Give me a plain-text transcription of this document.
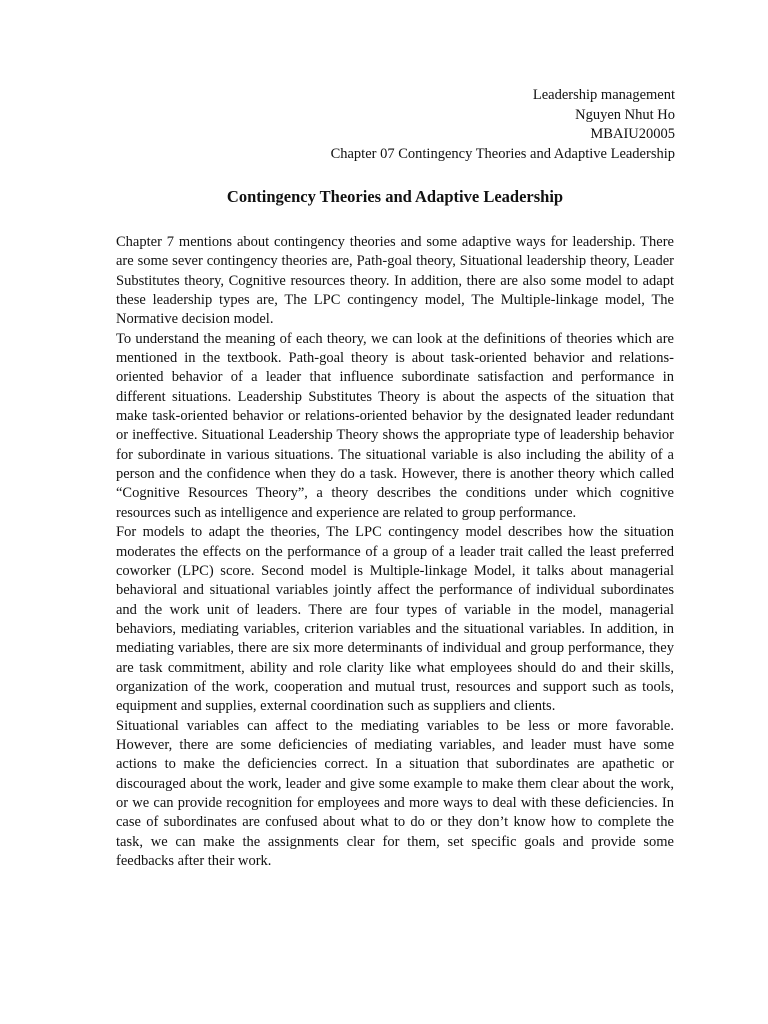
Leadership management
Nguyen Nhut Ho
MBAIU20005
Chapter 07 Contingency Theories and Adaptive Leadership
Contingency Theories and Adaptive Leadership

Chapter 7 mentions about contingency theories and some adaptive ways for leadership. There are some sever contingency theories are, Path-goal theory, Situational leadership theory, Leader Substitutes theory, Cognitive resources theory. In addition, there are also some model to adapt these leadership types are, The LPC contingency model, The Multiple-linkage model, The Normative decision model.

To understand the meaning of each theory, we can look at the definitions of theories which are mentioned in the textbook. Path-goal theory is about task-oriented behavior and relations-oriented behavior of a leader that influence subordinate satisfaction and performance in different situations. Leadership Substitutes Theory is about the aspects of the situation that make task-oriented behavior or relations-oriented behavior by the designated leader redundant or ineffective. Situational Leadership Theory shows the appropriate type of leadership behavior for subordinate in various situations. The situational variable is also including the ability of a person and the confidence when they do a task. However, there is another theory which called “Cognitive Resources Theory”, a theory describes the conditions under which cognitive resources such as intelligence and experience are related to group performance.

For models to adapt the theories, The LPC contingency model describes how the situation moderates the effects on the performance of a group of a leader trait called the least preferred coworker (LPC) score. Second model is Multiple-linkage Model, it talks about managerial behavioral and situational variables jointly affect the performance of individual subordinates and the work unit of leaders. There are four types of variable in the model, managerial behaviors, mediating variables, criterion variables and the situational variables. In addition, in mediating variables, there are six more determinants of individual and group performance, they are task commitment, ability and role clarity like what employees should do and their skills, organization of the work, cooperation and mutual trust, resources and support such as tools, equipment and supplies, external coordination such as suppliers and clients.

Situational variables can affect to the mediating variables to be less or more favorable. However, there are some deficiencies of mediating variables, and leader must have some actions to make the deficiencies correct. In a situation that subordinates are apathetic or discouraged about the work, leader and give some example to make them clear about the work, or we can provide recognition for employees and more ways to deal with these deficiencies. In case of subordinates are confused about what to do or they don’t know how to complete the task, we can make the assignments clear for them, set specific goals and provide some feedbacks after their work.
